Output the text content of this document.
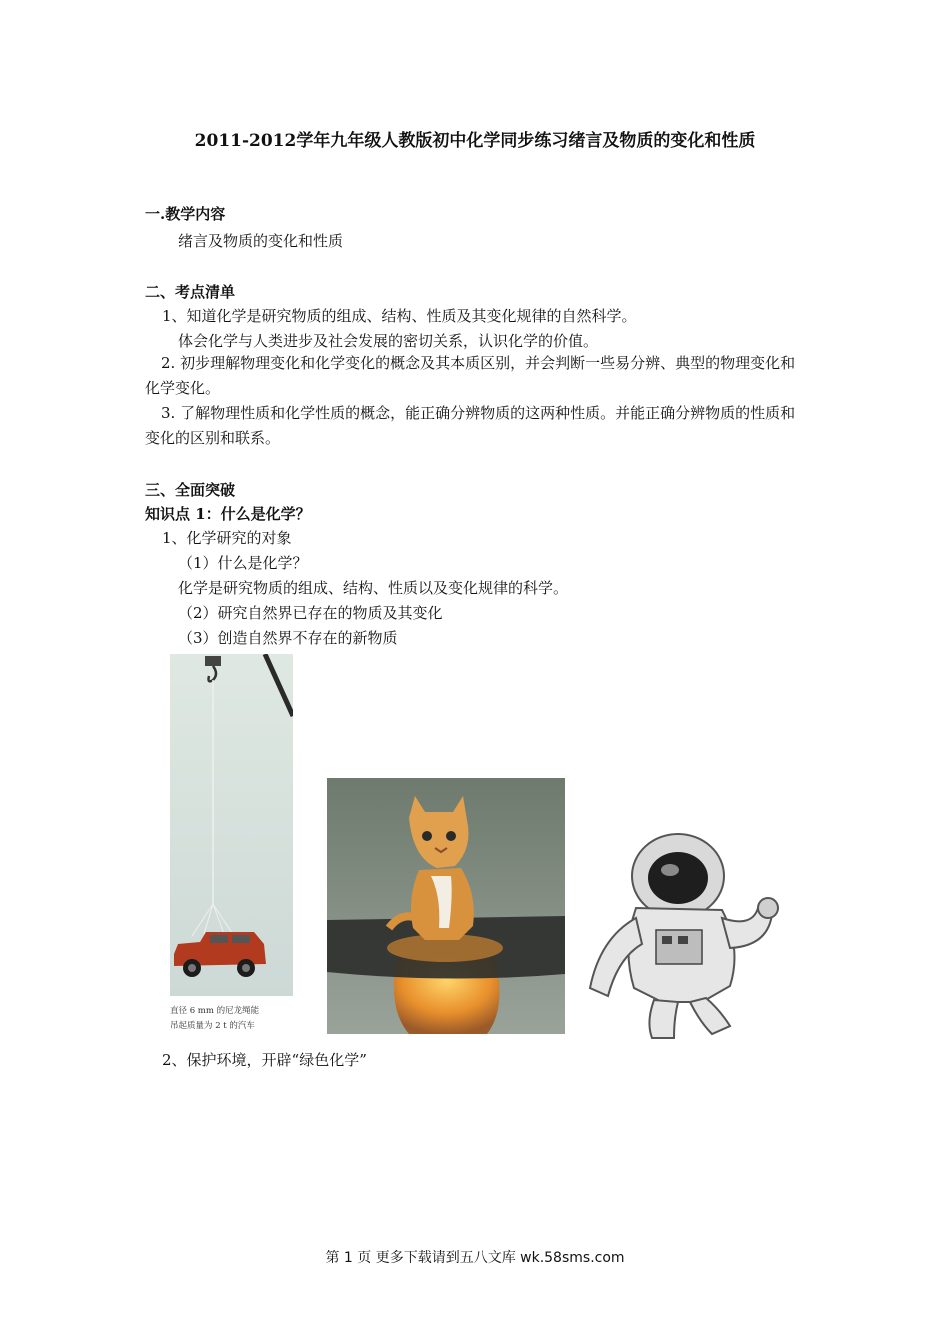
2011-2012学年九年级人教版初中化学同步练习绪言及物质的变化和性质
一.教学内容
绪言及物质的变化和性质
二、考点清单
1、知道化学是研究物质的组成、结构、性质及其变化规律的自然科学。
体会化学与人类进步及社会发展的密切关系，认识化学的价值。
2. 初步理解物理变化和化学变化的概念及其本质区别，并会判断一些易分辨、典型的物理变化和化学变化。
3. 了解物理性质和化学性质的概念，能正确分辨物质的这两种性质。并能正确分辨物质的性质和变化的区别和联系。
三、全面突破
知识点 1：什么是化学？
1、化学研究的对象
（1）什么是化学？
化学是研究物质的组成、结构、性质以及变化规律的科学。
（2）研究自然界已存在的物质及其变化
（3）创造自然界不存在的新物质
直径 6 mm 的尼龙绳能
吊起质量为 2 t 的汽车
2、保护环境，开辟“绿色化学”
第 1 页 更多下载请到五八文库 wk.58sms.com
